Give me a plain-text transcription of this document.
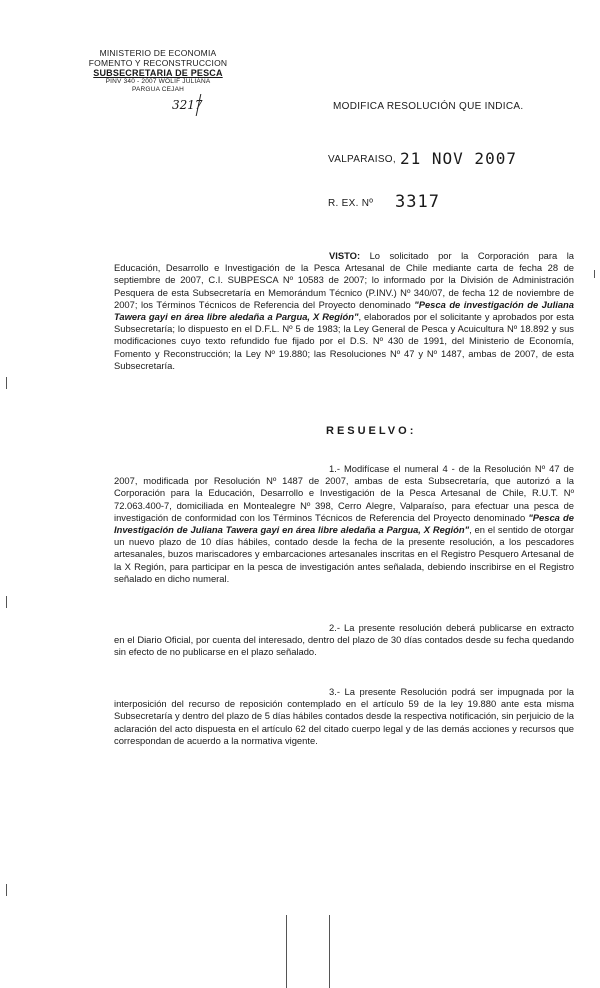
MINISTERIO DE ECONOMIA
FOMENTO Y RECONSTRUCCION
SUBSECRETARIA DE PESCA
PINV 340 - 2007 WOLIF JULIANA
PARGUA CEJAH
3217	MODIFICA RESOLUCIÓN QUE INDICA.
VALPARAISO, 21 NOV 2007
R. EX. Nº 3317
VISTO: Lo solicitado por la Corporación para la Educación, Desarrollo e Investigación de la Pesca Artesanal de Chile mediante carta de fecha 28 de septiembre de 2007, C.I. SUBPESCA Nº 10583 de 2007; lo informado por la División de Administración Pesquera de esta Subsecretaría en Memorándum Técnico (P.INV.) Nº 340/07, de fecha 12 de noviembre de 2007; los Términos Técnicos de Referencia del Proyecto denominado "Pesca de investigación de Juliana Tawera gayi en área libre aledaña a Pargua, X Región", elaborados por el solicitante y aprobados por esta Subsecretaría; lo dispuesto en el D.F.L. Nº 5 de 1983; la Ley General de Pesca y Acuicultura Nº 18.892 y sus modificaciones cuyo texto refundido fue fijado por el D.S. Nº 430 de 1991, del Ministerio de Economía, Fomento y Reconstrucción; la Ley Nº 19.880; las Resoluciones Nº 47 y Nº 1487, ambas de 2007, de esta Subsecretaría.
RESUELVO:
1.- Modifícase el numeral 4 - de la Resolución Nº 47 de 2007, modificada por Resolución Nº 1487 de 2007, ambas de esta Subsecretaría, que autorizó a la Corporación para la Educación, Desarrollo e Investigación de la Pesca Artesanal de Chile, R.U.T. Nº 72.063.400-7, domiciliada en Montealegre Nº 398, Cerro Alegre, Valparaíso, para efectuar una pesca de investigación de conformidad con los Términos Técnicos de Referencia del Proyecto denominado "Pesca de Investigación de Juliana Tawera gayi en área libre aledaña a Pargua, X Región", en el sentido de otorgar un nuevo plazo de 10 días hábiles, contado desde la fecha de la presente resolución, a los pescadores artesanales, buzos mariscadores y embarcaciones artesanales inscritas en el Registro Pesquero Artesanal de la X Región, para participar en la pesca de investigación antes señalada, debiendo inscribirse en el Registro señalado en dicho numeral.
2.- La presente resolución deberá publicarse en extracto en el Diario Oficial, por cuenta del interesado, dentro del plazo de 30 días contados desde su fecha quedando sin efecto de no publicarse en el plazo señalado.
3.- La presente Resolución podrá ser impugnada por la interposición del recurso de reposición contemplado en el artículo 59 de la ley 19.880 ante esta misma Subsecretaría y dentro del plazo de 5 días hábiles contados desde la respectiva notificación, sin perjuicio de la aclaración del acto dispuesta en el artículo 62 del citado cuerpo legal y de las demás acciones y recursos que correspondan de acuerdo a la normativa vigente.
